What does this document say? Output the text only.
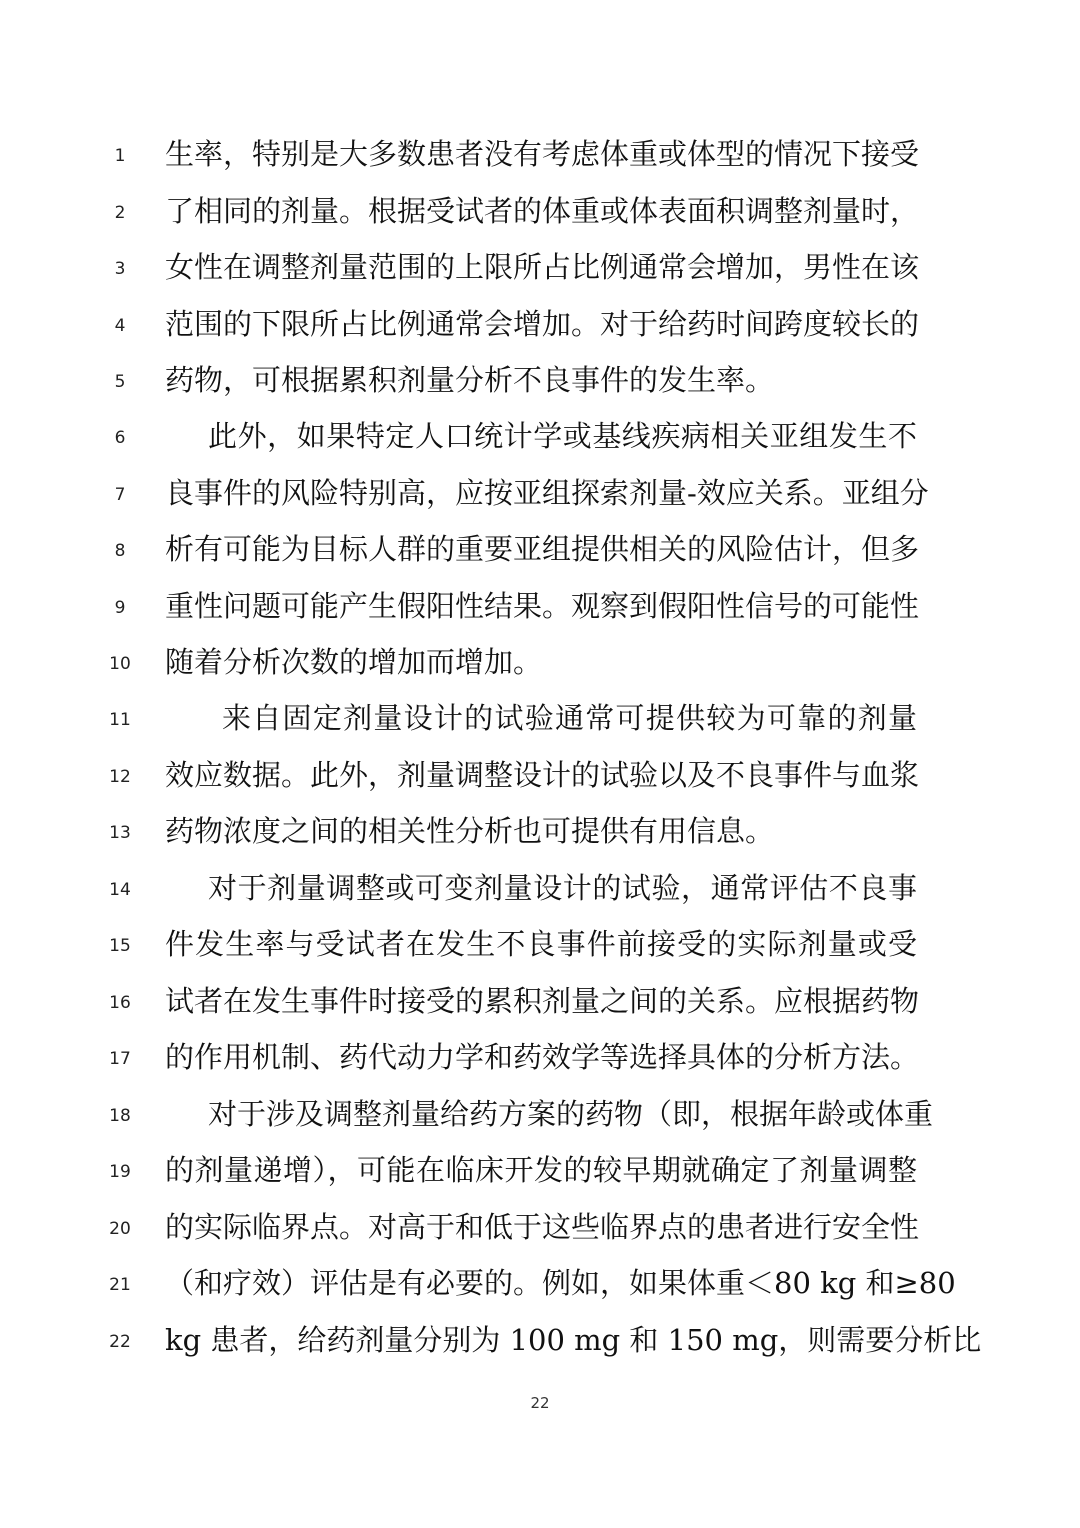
1	生率，特别是大多数患者没有考虑体重或体型的情况下接受
2	了相同的剂量。根据受试者的体重或体表面积调整剂量时，
3	女性在调整剂量范围的上限所占比例通常会增加，男性在该
4	范围的下限所占比例通常会增加。对于给药时间跨度较长的
5	药物，可根据累积剂量分析不良事件的发生率。
6	此外，如果特定人口统计学或基线疾病相关亚组发生不
7	良事件的风险特别高，应按亚组探索剂量-效应关系。亚组分
8	析有可能为目标人群的重要亚组提供相关的风险估计，但多
9	重性问题可能产生假阳性结果。观察到假阳性信号的可能性
10	随着分析次数的增加而增加。
11	来自固定剂量设计的试验通常可提供较为可靠的剂量
12	效应数据。此外，剂量调整设计的试验以及不良事件与血浆
13	药物浓度之间的相关性分析也可提供有用信息。
14	对于剂量调整或可变剂量设计的试验，通常评估不良事
15	件发生率与受试者在发生不良事件前接受的实际剂量或受
16	试者在发生事件时接受的累积剂量之间的关系。应根据药物
17	的作用机制、药代动力学和药效学等选择具体的分析方法。
18	对于涉及调整剂量给药方案的药物（即，根据年龄或体重
19	的剂量递增），可能在临床开发的较早期就确定了剂量调整
20	的实际临界点。对高于和低于这些临界点的患者进行安全性
21	（和疗效）评估是有必要的。例如，如果体重＜80 kg 和≥80
22	kg 患者，给药剂量分别为 100 mg 和 150 mg，则需要分析比
22
